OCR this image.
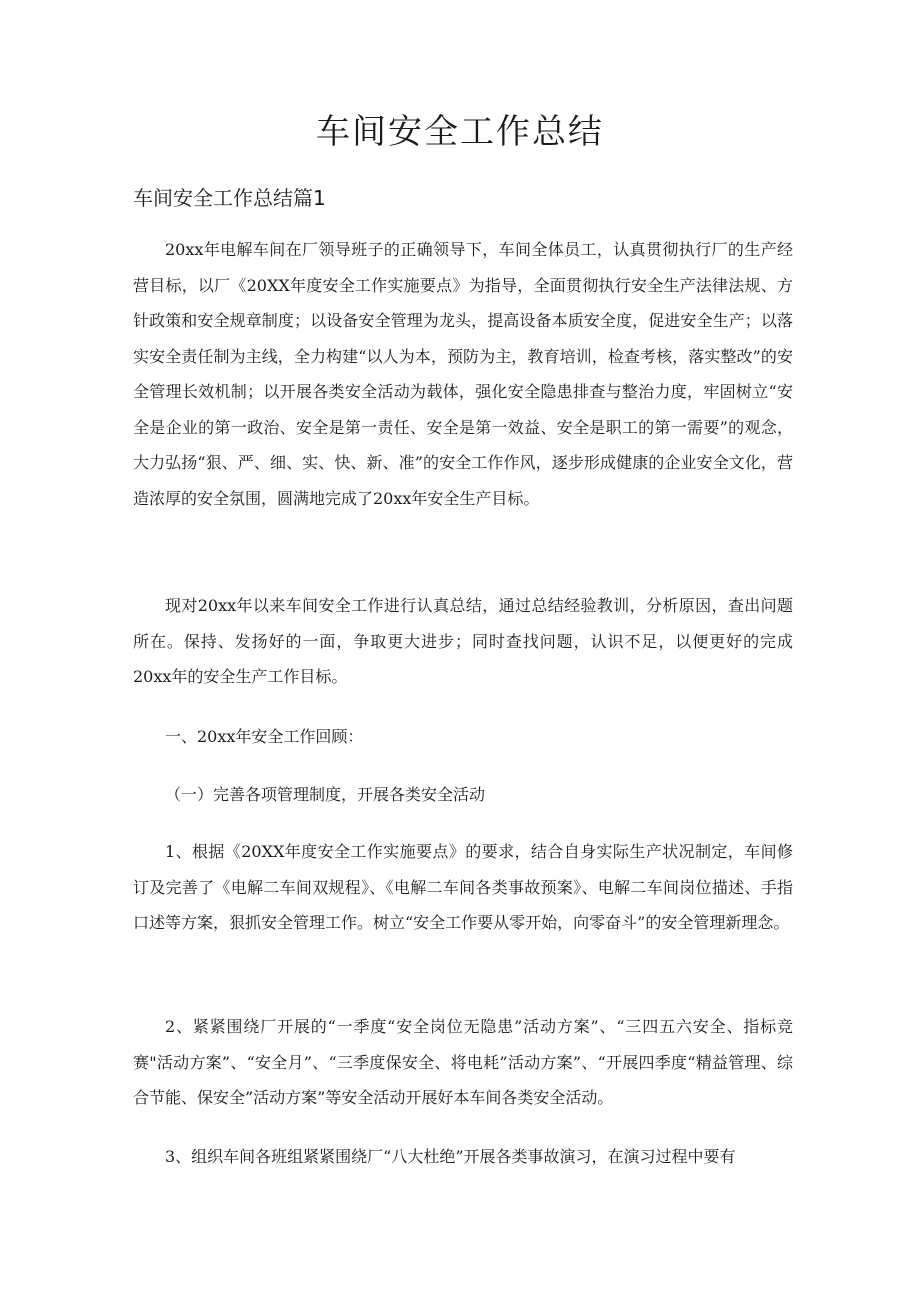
车间安全工作总结
车间安全工作总结篇1

20xx年电解车间在厂领导班子的正确领导下，车间全体员工，认真贯彻执行厂的生产经营目标，以厂《20XX年度安全工作实施要点》为指导，全面贯彻执行安全生产法律法规、方针政策和安全规章制度；以设备安全管理为龙头，提高设备本质安全度，促进安全生产；以落实安全责任制为主线，全力构建“以人为本，预防为主，教育培训，检查考核，落实整改”的安全管理长效机制；以开展各类安全活动为载体，强化安全隐患排查与整治力度，牢固树立“安全是企业的第一政治、安全是第一责任、安全是第一效益、安全是职工的第一需要”的观念，大力弘扬“狠、严、细、实、快、新、准”的安全工作作风，逐步形成健康的企业安全文化，营造浓厚的安全氛围，圆满地完成了20xx年安全生产目标。

现对20xx年以来车间安全工作进行认真总结，通过总结经验教训，分析原因，查出问题所在。保持、发扬好的一面，争取更大进步；同时查找问题，认识不足，以便更好的完成20xx年的安全生产工作目标。

一、20xx年安全工作回顾：
（一）完善各项管理制度，开展各类安全活动

1、根据《20XX年度安全工作实施要点》的要求，结合自身实际生产状况制定，车间修订及完善了《电解二车间双规程》、《电解二车间各类事故预案》、电解二车间岗位描述、手指口述等方案，狠抓安全管理工作。树立“安全工作要从零开始，向零奋斗”的安全管理新理念。

2、紧紧围绕厂开展的“一季度“安全岗位无隐患”活动方案”、“三四五六安全、指标竞赛"活动方案”、“安全月”、“三季度保安全、将电耗”活动方案”、“开展四季度“精益管理、综合节能、保安全”活动方案”等安全活动开展好本车间各类安全活动。

3、组织车间各班组紧紧围绕厂“八大杜绝”开展各类事故演习，在演习过程中要有
